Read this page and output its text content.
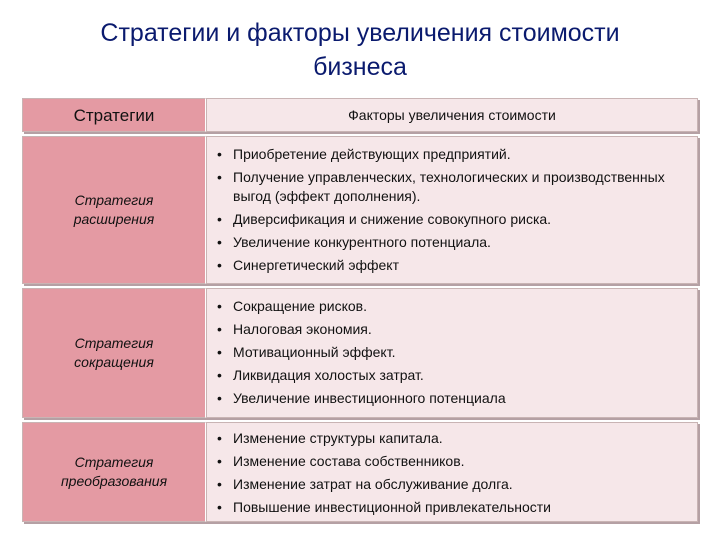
Стратегии и факторы увеличения стоимости
бизнеса
Стратегии	Факторы увеличения стоимости
Стратегия
расширения
• Приобретение действующих предприятий.
• Получение управленческих, технологических и производственных выгод (эффект дополнения).
• Диверсификация и снижение совокупного риска.
• Увеличение конкурентного потенциала.
• Синергетический эффект
Стратегия
сокращения
• Сокращение рисков.
• Налоговая экономия.
• Мотивационный эффект.
• Ликвидация холостых затрат.
• Увеличение инвестиционного потенциала
Стратегия
преобразования
• Изменение структуры капитала.
• Изменение состава собственников.
• Изменение затрат на обслуживание долга.
• Повышение инвестиционной привлекательности
